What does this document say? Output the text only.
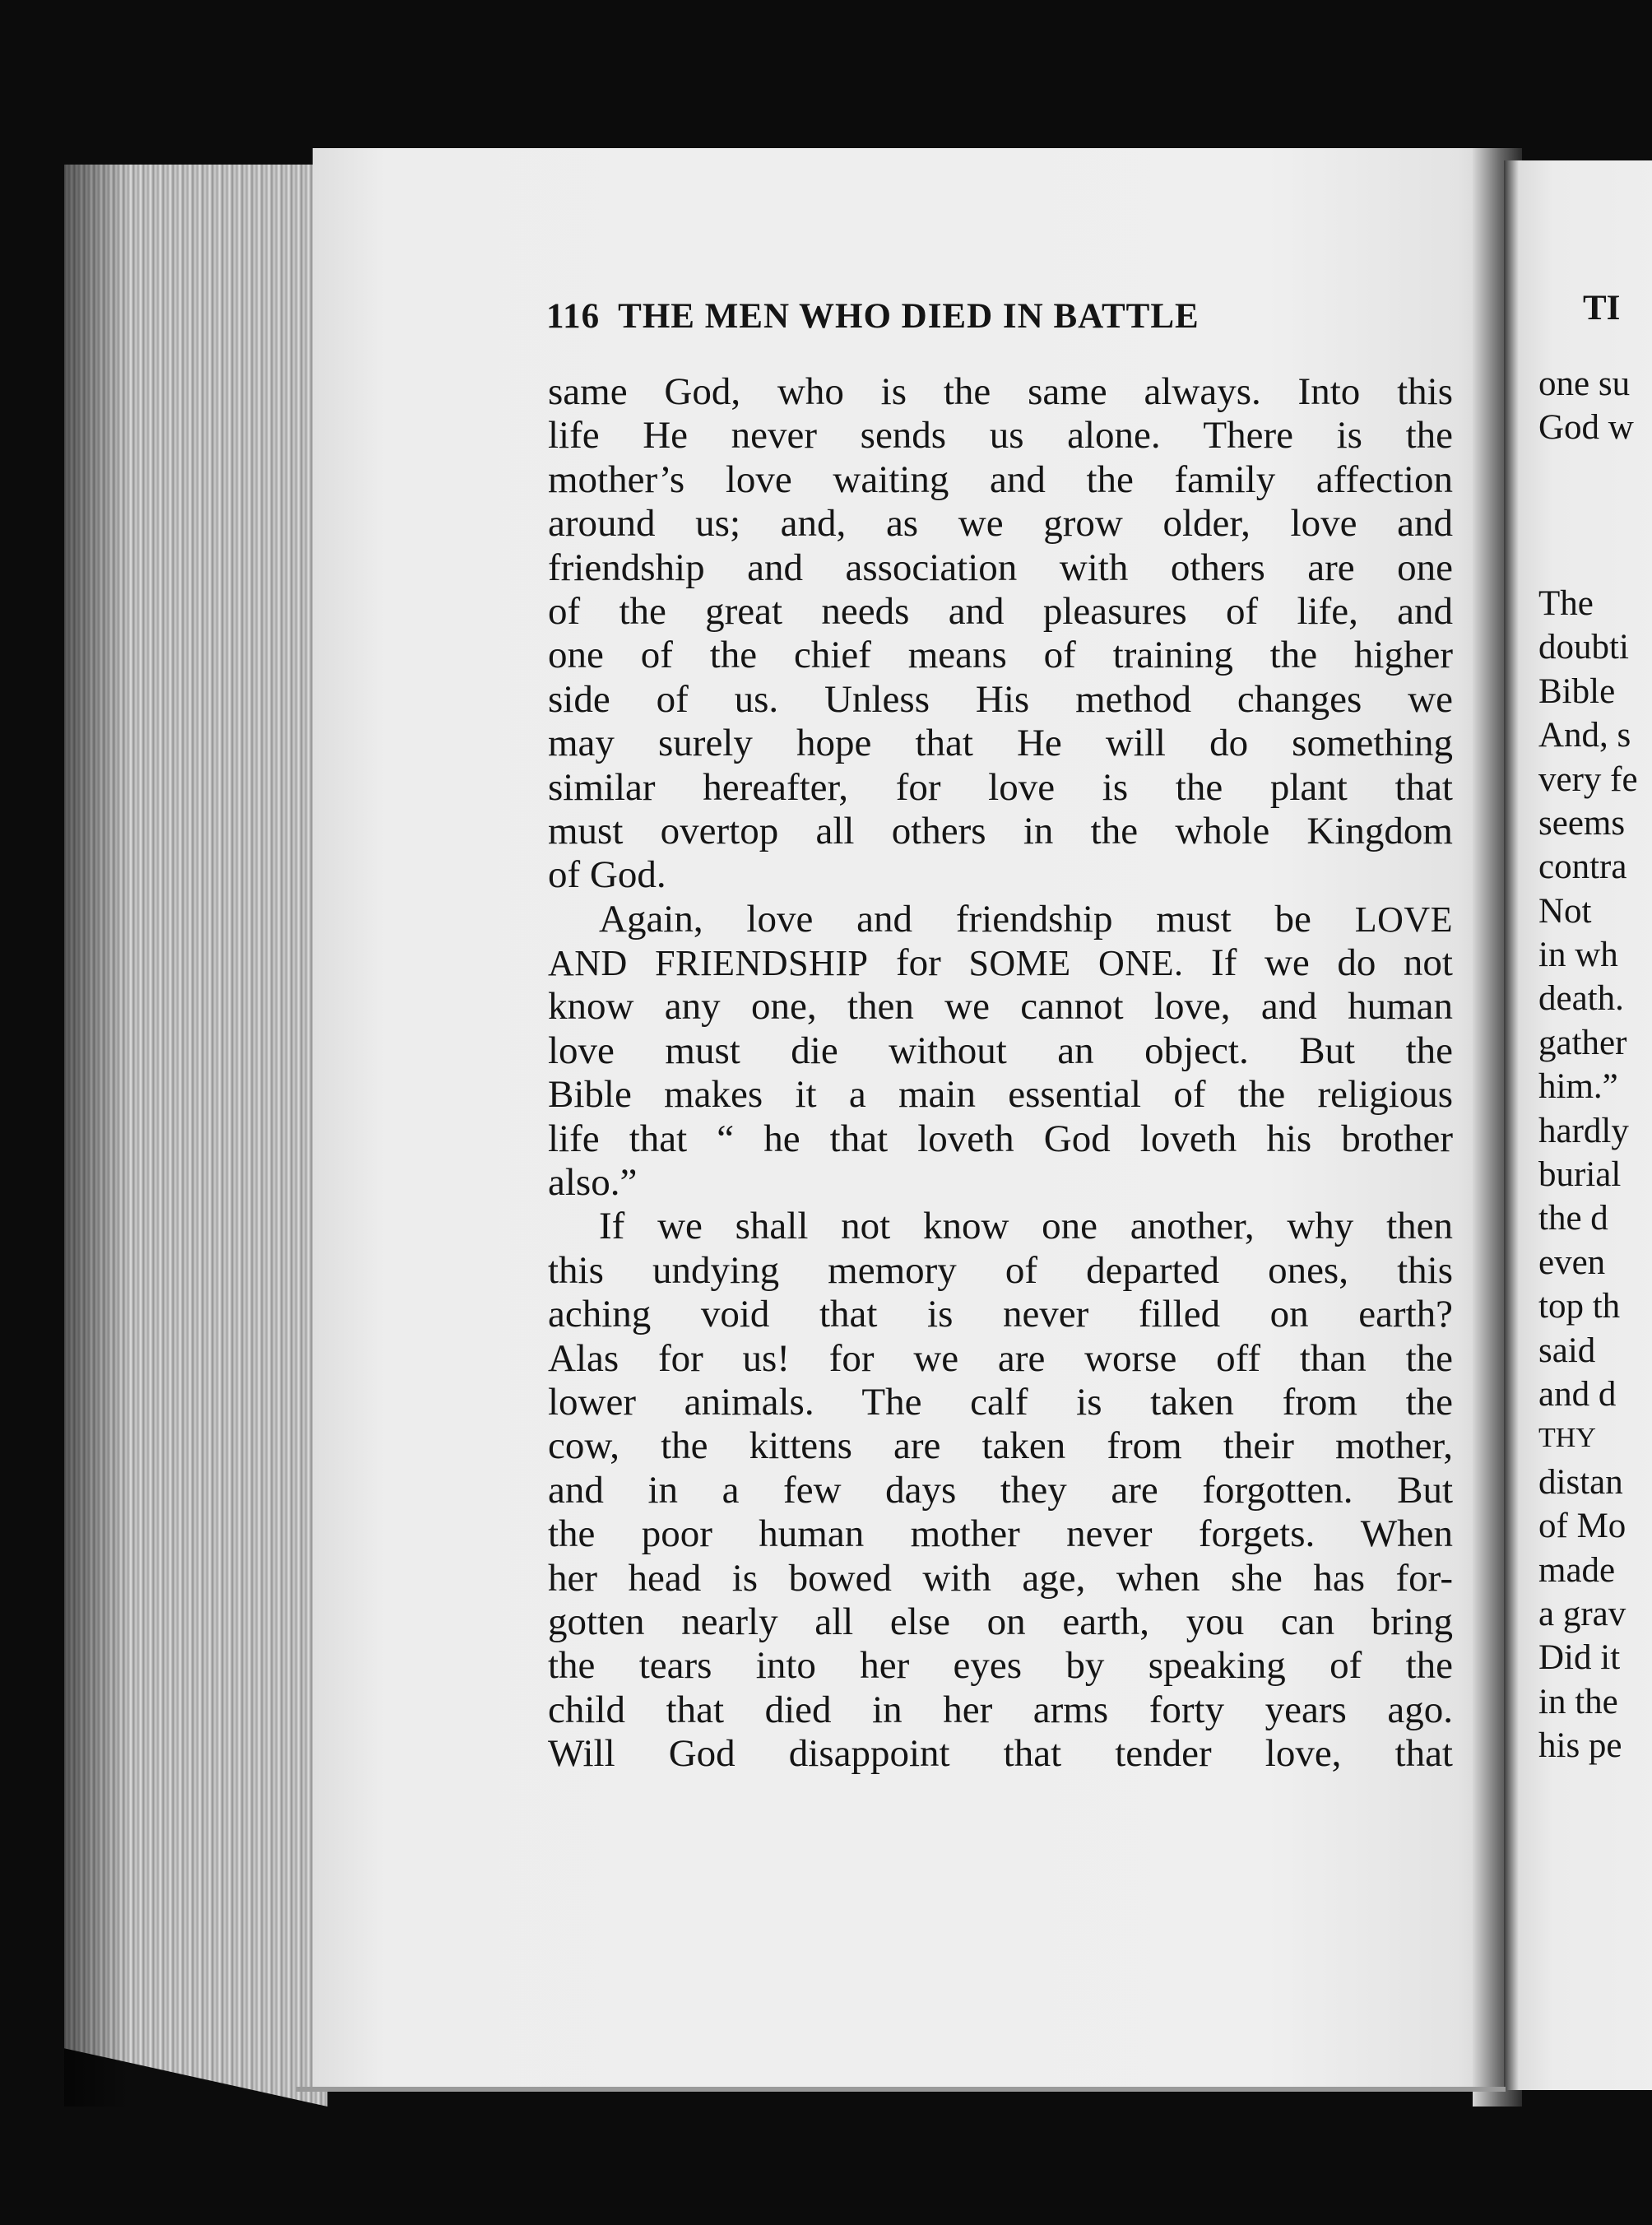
116 THE MEN WHO DIED IN BATTLE
same God, who is the same always. Into this
life He never sends us alone. There is the
mother’s love waiting and the family affection
around us; and, as we grow older, love and
friendship and association with others are one
of the great needs and pleasures of life, and
one of the chief means of training the higher
side of us. Unless His method changes we
may surely hope that He will do something
similar hereafter, for love is the plant that
must overtop all others in the whole Kingdom
of God.
Again, love and friendship must be LOVE
AND FRIENDSHIP for SOME ONE. If we do not
know any one, then we cannot love, and human
love must die without an object. But the
Bible makes it a main essential of the religious
life that “ he that loveth God loveth his brother
also.”
If we shall not know one another, why then
this undying memory of departed ones, this
aching void that is never filled on earth?
Alas for us! for we are worse off than the
lower animals. The calf is taken from the
cow, the kittens are taken from their mother,
and in a few days they are forgotten. But
the poor human mother never forgets. When
her head is bowed with age, when she has for-
gotten nearly all else on earth, you can bring
the tears into her eyes by speaking of the
child that died in her arms forty years ago.
Will God disappoint that tender love, that
TI
one su
God w
The
doubti
Bible
And, s
very fe
seems
contra
Not
in wh
death.
gather
him.”
hardly
burial
the d
even
top th
said
and d
THY
distan
of Mo
made
a grav
Did it
in the
his pe
